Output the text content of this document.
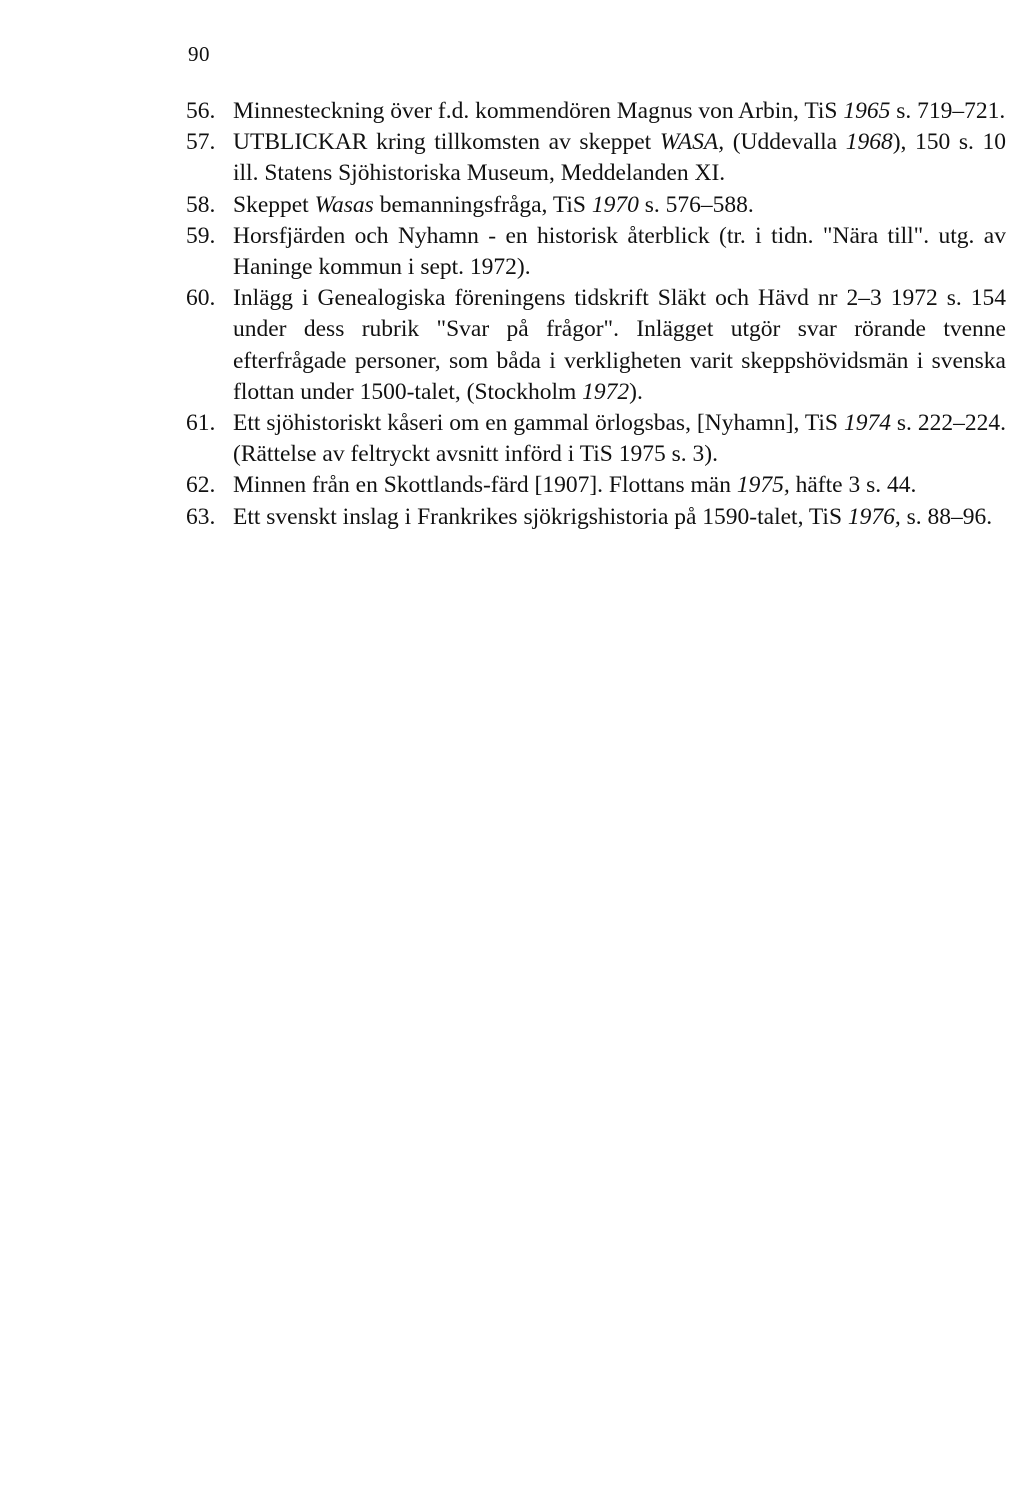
90
56. Minnesteckning över f.d. kommendören Magnus von Arbin, TiS 1965 s. 719–721.
57. UTBLICKAR kring tillkomsten av skeppet WASA, (Uddevalla 1968), 150 s. 10 ill. Statens Sjöhistoriska Museum, Meddelanden XI.
58. Skeppet Wasas bemanningsfråga, TiS 1970 s. 576–588.
59. Horsfjärden och Nyhamn - en historisk återblick (tr. i tidn. "Nära till". utg. av Haninge kommun i sept. 1972).
60. Inlägg i Genealogiska föreningens tidskrift Släkt och Hävd nr 2–3 1972 s. 154 under dess rubrik "Svar på frågor". Inlägget utgör svar rörande tvenne efterfrågade personer, som båda i verkligheten varit skeppshövidsmän i svenska flottan under 1500-talet, (Stockholm 1972).
61. Ett sjöhistoriskt kåseri om en gammal örlogsbas, [Nyhamn], TiS 1974 s. 222–224. (Rättelse av feltryckt avsnitt införd i TiS 1975 s. 3).
62. Minnen från en Skottlands-färd [1907]. Flottans män 1975, häfte 3 s. 44.
63. Ett svenskt inslag i Frankrikes sjökrigshistoria på 1590-talet, TiS 1976, s. 88–96.
